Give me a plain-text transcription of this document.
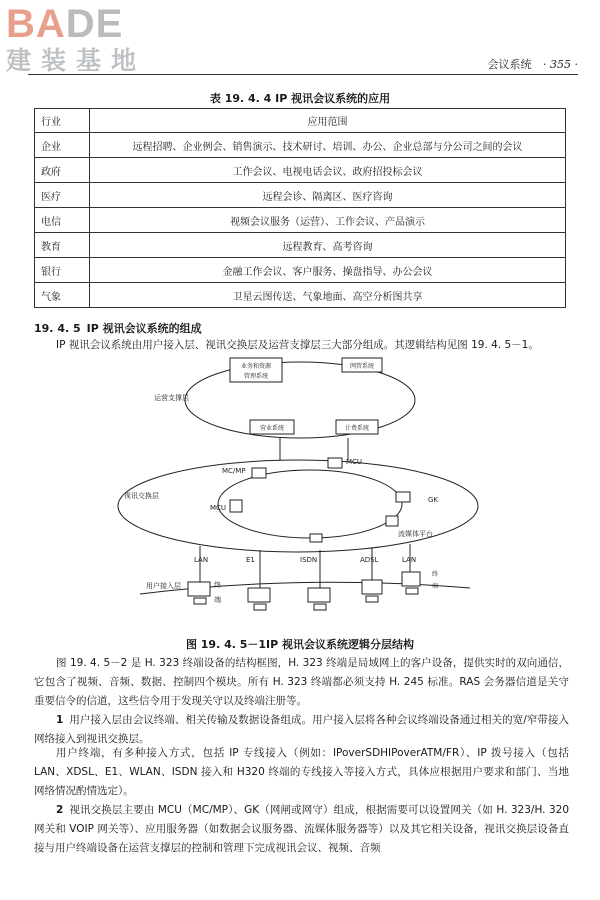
BADE
建装基地	会议系统 · 355 ·
表 19. 4. 4 IP 视讯会议系统的应用
行业	应用范围
企业	远程招聘、企业例会、销售演示、技术研讨、培训、办公、企业总部与分公司之间的会议
政府	工作会议、电视电话会议、政府招投标会议
医疗	远程会诊、隔离区、医疗咨询
电信	视频会议服务（运营）、工作会议、产品演示
教育	远程教育、高考咨询
银行	金融工作会议、客户服务、操盘指导、办公会议
气象	卫星云图传送、气象地面、高空分析图共享
19. 4. 5 IP 视讯会议系统的组成
IP 视讯会议系统由用户接入层、视讯交换层及运营支撑层三大部分组成。其逻辑结构见图 19. 4. 5－1。
业务和资源
管理系统
网管系统
营业系统	计费系统
运营支撑层
MC/MP
MCU
MCU
GK
流媒体平台
视讯交换层
LAN	E1	ISDN	ADSL	LAN
终
端
终
端
用户接入层
图 19. 4. 5－1IP 视讯会议系统逻辑分层结构
图 19. 4. 5－2 是 H. 323 终端设备的结构框图，H. 323 终端是局域网上的客户设备，提供实时的双向通信，它包含了视频、音频、数据、控制四个模块。所有 H. 323 终端都必须支持 H. 245 标准。RAS 会务器信道是关守重要信令的信道，这些信令用于发现关守以及终端注册等。
1 用户接入层由会议终端、相关传输及数据设备组成。用户接入层将各种会议终端设备通过相关的宽/窄带接入网络接入到视讯交换层。
用户终端，有多种接入方式，包括 IP 专线接入（例如：IPoverSDHIPoverATM/FR）、IP 拨号接入（包括 LAN、XDSL、E1、WLAN、ISDN 接入和 H320 终端的专线接入等接入方式，具体应根据用户要求和部门、当地网络情况酌情选定）。
2 视讯交换层主要由 MCU（MC/MP）、GK（网闸或网守）组成，根据需要可以设置网关（如 H. 323/H. 320 网关和 VOIP 网关等）、应用服务器（如数据会议服务器、流媒体服务器等）以及其它相关设备，视讯交换层设备直接与用户终端设备在运营支撑层的控制和管理下完成视讯会议、视频、音频
